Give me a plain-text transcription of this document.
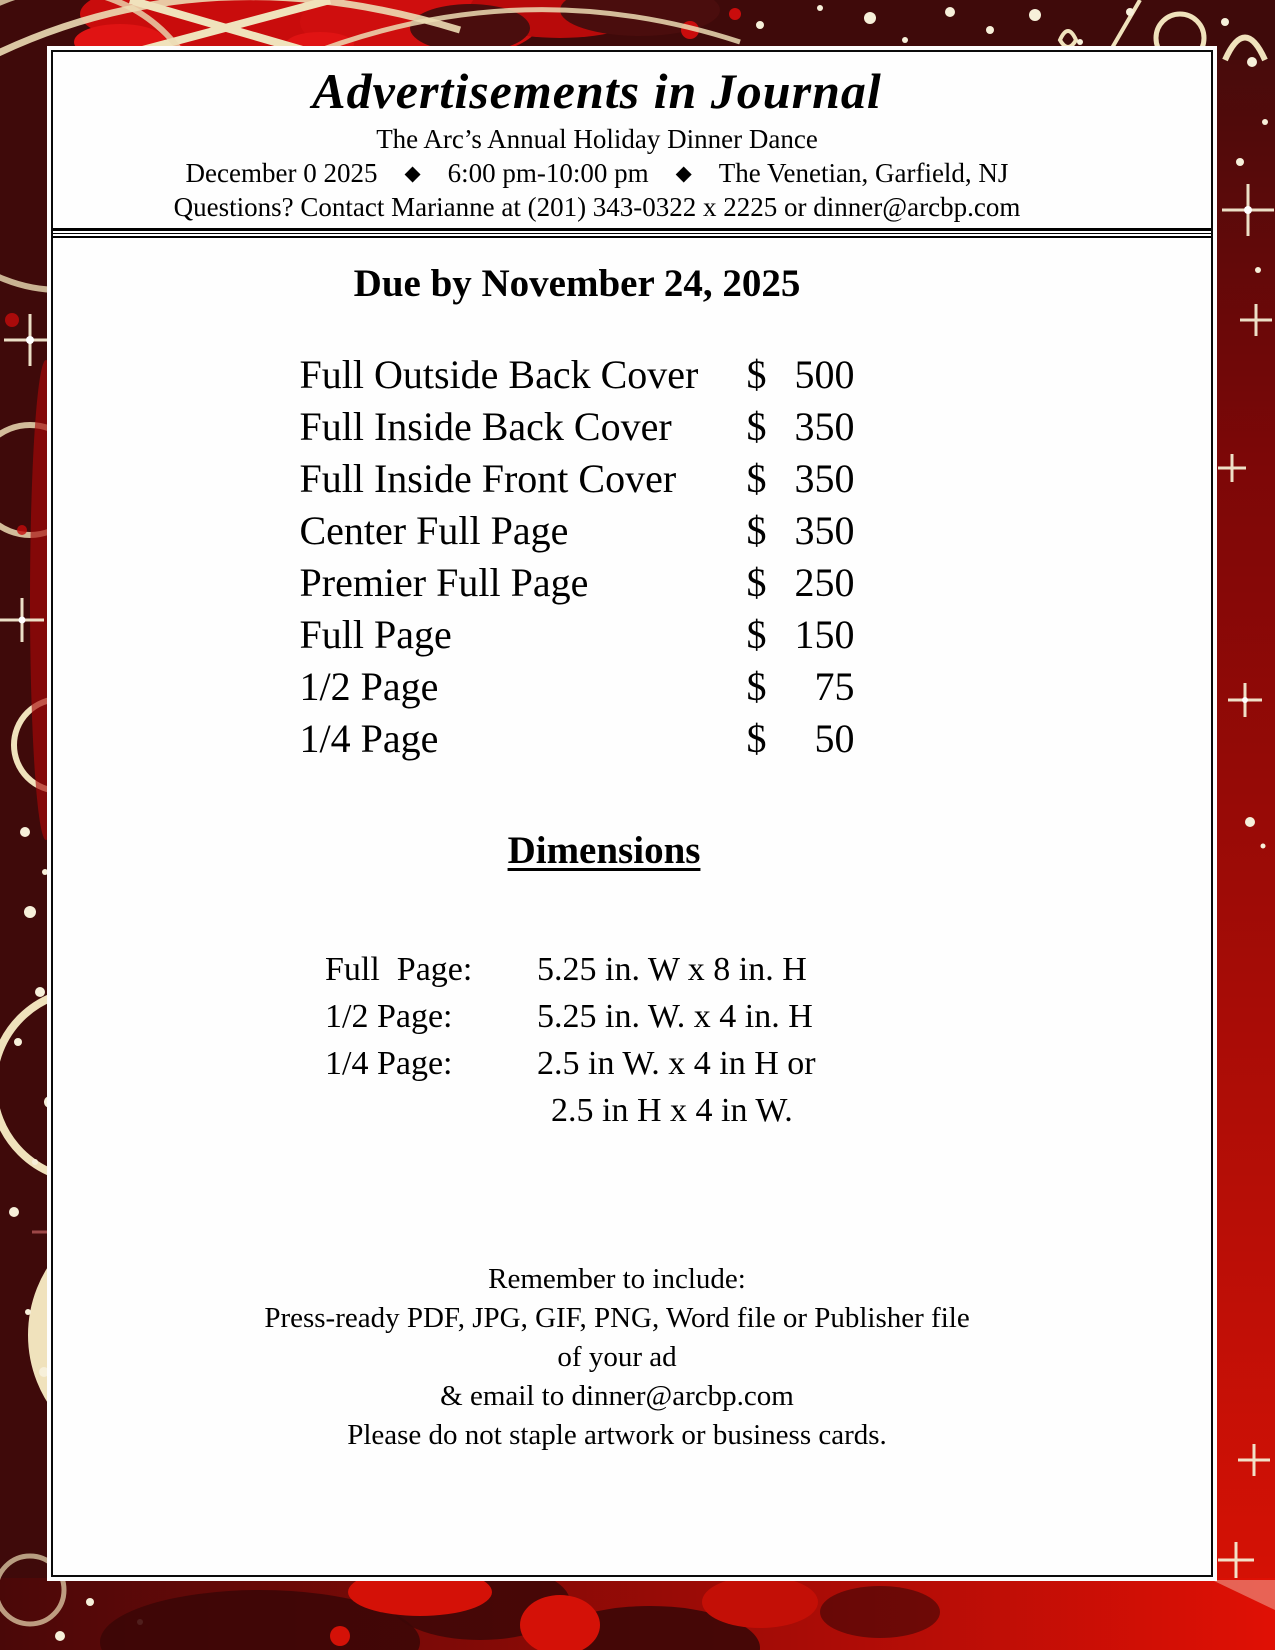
Advertisements in Journal
The Arc’s Annual Holiday Dinner Dance
December 0 2025 ◆ 6:00 pm-10:00 pm ◆ The Venetian, Garfield, NJ
Questions? Contact Marianne at (201) 343-0322 x 2225 or dinner@arcbp.com
Due by November 24, 2025
Full Outside Back Cover	$ 500
Full Inside Back Cover	$ 350
Full Inside Front Cover	$ 350
Center Full Page	$ 350
Premier Full Page	$ 250
Full Page	$ 150
1/2 Page	$	75
1/4 Page	$	50
Dimensions
Full  Page:	5.25 in. W x 8 in. H
1/2 Page:	5.25 in. W. x 4 in. H
1/4 Page:	2.5 in W. x 4 in H or
2.5 in H x 4 in W.
Remember to include:
Press-ready PDF, JPG, GIF, PNG, Word file or Publisher file
of your ad
& email to dinner@arcbp.com
Please do not staple artwork or business cards.
